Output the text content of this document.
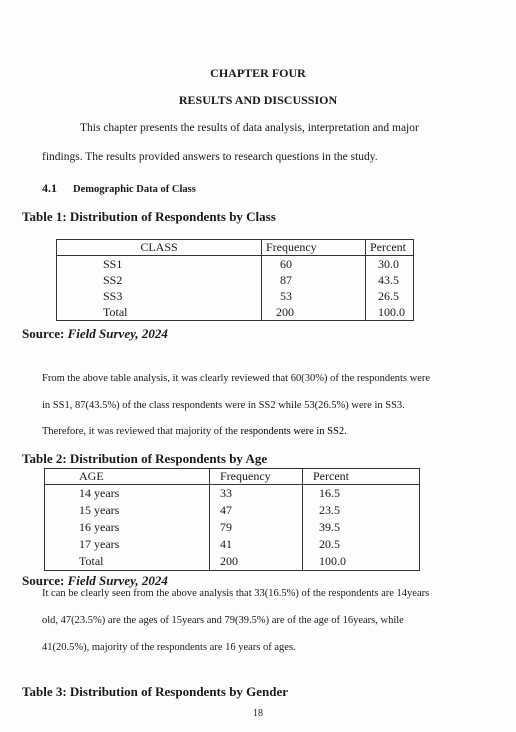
CHAPTER FOUR
RESULTS AND DISCUSSION
This chapter presents the results of data analysis, interpretation and major
findings. The results provided answers to research questions in the study.
4.1 Demographic Data of Class
Table 1: Distribution of Respondents by Class
CLASS	Frequency	Percent
SS1	60	30.0
SS2	87	43.5
SS3	53	26.5
Total	200	100.0
Source: Field Survey, 2024
From the above table analysis, it was clearly reviewed that 60(30%) of the respondents were
in SS1, 87(43.5%) of the class respondents were in SS2 while 53(26.5%) were in SS3.
Therefore, it was reviewed that majority of the respondents were in SS2.
Table 2: Distribution of Respondents by Age
AGE	Frequency	Percent
14 years	33	16.5
15 years	47	23.5
16 years	79	39.5
17 years	41	20.5
Total	200	100.0
Source: Field Survey, 2024
It can be clearly seen from the above analysis that 33(16.5%) of the respondents are 14years
old, 47(23.5%) are the ages of 15years and 79(39.5%) are of the age of 16years, while
41(20.5%), majority of the respondents are 16 years of ages.
Table 3: Distribution of Respondents by Gender
18
